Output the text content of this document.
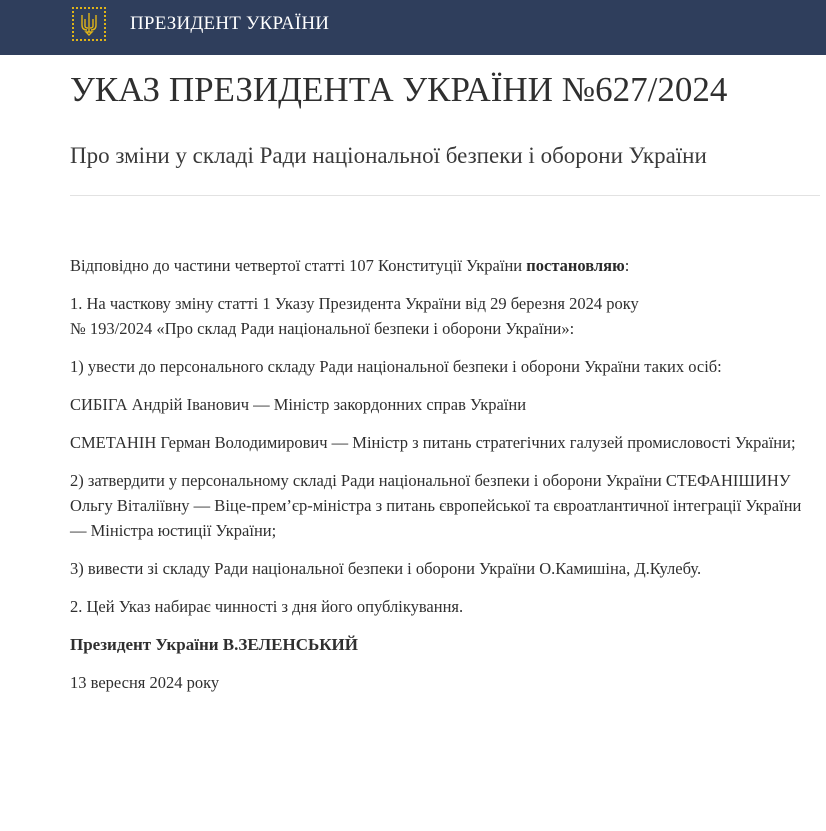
ПРЕЗИДЕНТ УКРАЇНИ
УКАЗ ПРЕЗИДЕНТА УКРАЇНИ №627/2024
Про зміни у складі Ради національної безпеки і оборони України

Відповідно до частини четвертої статті 107 Конституції України постановляю:

1. На часткову зміну статті 1 Указу Президента України від 29 березня 2024 року
№ 193/2024 «Про склад Ради національної безпеки і оборони України»:

1) увести до персонального складу Ради національної безпеки і оборони України таких осіб:

СИБІГА Андрій Іванович — Міністр закордонних справ України

СМЕТАНІН Герман Володимирович — Міністр з питань стратегічних галузей промисловості України;

2) затвердити у персональному складі Ради національної безпеки і оборони України СТЕФАНІШИНУ Ольгу Віталіївну — Віце-прем’єр-міністра з питань європейської та євроатлантичної інтеграції України — Міністра юстиції України;

3) вивести зі складу Ради національної безпеки і оборони України О.Камишіна, Д.Кулебу.

2. Цей Указ набирає чинності з дня його опублікування.

Президент України В.ЗЕЛЕНСЬКИЙ

13 вересня 2024 року
